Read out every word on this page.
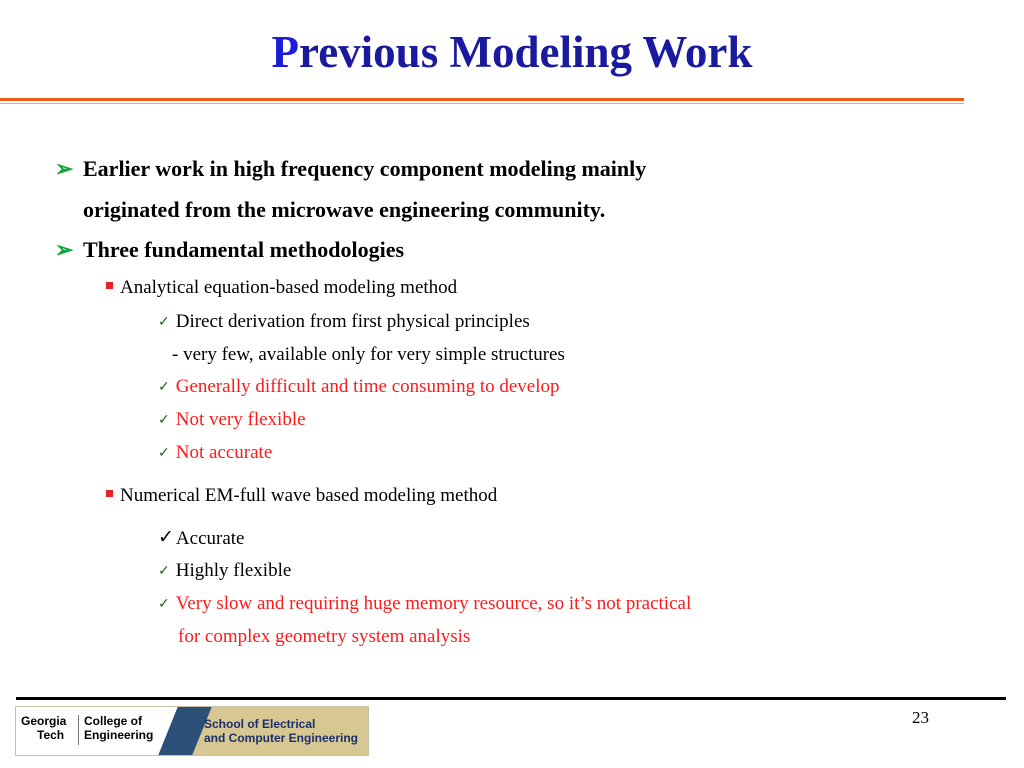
Previous Modeling Work
➢ Earlier work in high frequency component modeling mainly
originated from the microwave engineering community.
➢ Three fundamental methodologies
Analytical equation-based modeling method
✓ Direct derivation from first physical principles
- very few, available only for very simple structures
✓ Generally difficult and time consuming to develop
✓ Not very flexible
✓ Not accurate
Numerical EM-full wave based modeling method
✓ Accurate
✓ Highly flexible
✓ Very slow and requiring huge memory resource, so it’s not practical
for complex geometry system analysis
23
Georgia
Tech
College of
Engineering
School of Electrical
and Computer Engineering
